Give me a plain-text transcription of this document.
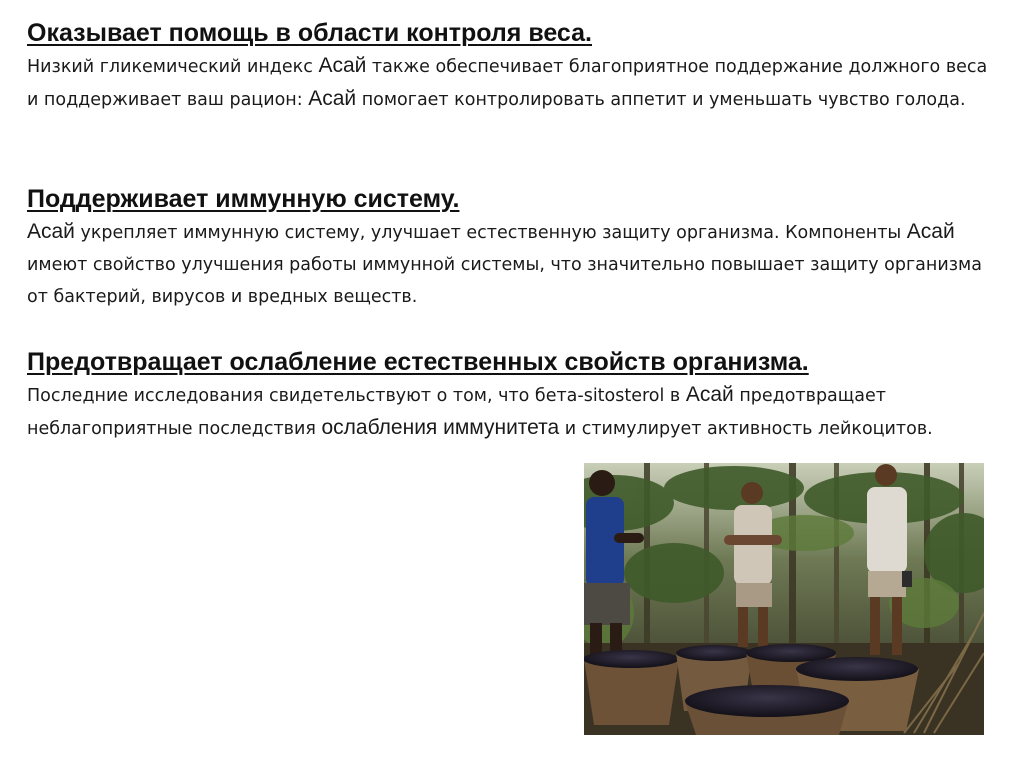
Оказывает помощь в области контроля веса.

Низкий гликемический индекс Асай также обеспечивает благоприятное поддержание должного веса и поддерживает ваш рацион: Асай помогает контролировать аппетит и уменьшать чувство голода.

Поддерживает иммунную систему.

Асай укрепляет иммунную систему, улучшает естественную защиту организма. Компоненты Асай имеют свойство улучшения работы иммунной системы, что значительно повышает защиту организма от бактерий, вирусов и вредных веществ.

Предотвращает ослабление естественных свойств организма.

Последние исследования свидетельствуют о том, что бета-sitosterol в Асай предотвращает неблагоприятные последствия ослабления иммунитета и стимулирует активность лейкоцитов.
